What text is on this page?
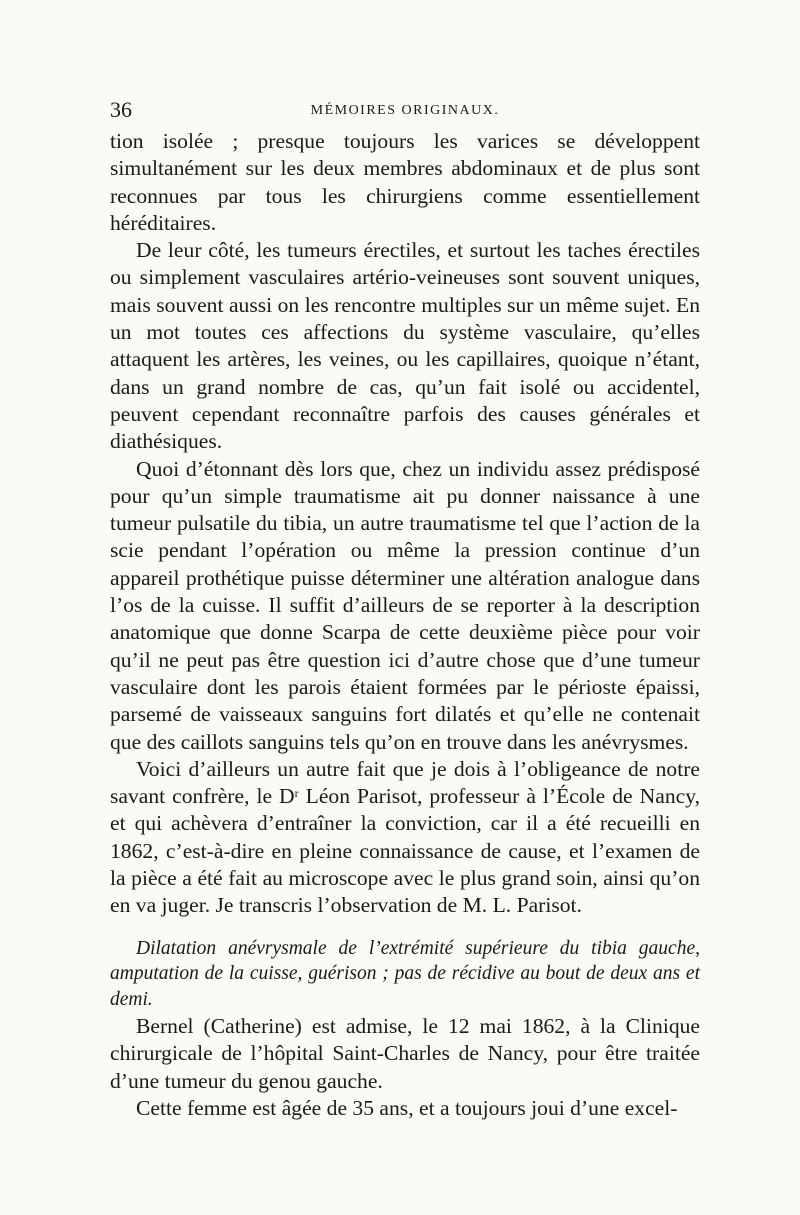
36	MÉMOIRES ORIGINAUX.

tion isolée ; presque toujours les varices se développent simultanément sur les deux membres abdominaux et de plus sont reconnues par tous les chirurgiens comme essentiellement héréditaires.

De leur côté, les tumeurs érectiles, et surtout les taches érectiles ou simplement vasculaires artério-veineuses sont souvent uniques, mais souvent aussi on les rencontre multiples sur un même sujet. En un mot toutes ces affections du système vasculaire, qu’elles attaquent les artères, les veines, ou les capillaires, quoique n’étant, dans un grand nombre de cas, qu’un fait isolé ou accidentel, peuvent cependant reconnaître parfois des causes générales et diathésiques.

Quoi d’étonnant dès lors que, chez un individu assez prédisposé pour qu’un simple traumatisme ait pu donner naissance à une tumeur pulsatile du tibia, un autre traumatisme tel que l’action de la scie pendant l’opération ou même la pression continue d’un appareil prothétique puisse déterminer une altération analogue dans l’os de la cuisse. Il suffit d’ailleurs de se reporter à la description anatomique que donne Scarpa de cette deuxième pièce pour voir qu’il ne peut pas être question ici d’autre chose que d’une tumeur vasculaire dont les parois étaient formées par le périoste épaissi, parsemé de vaisseaux sanguins fort dilatés et qu’elle ne contenait que des caillots sanguins tels qu’on en trouve dans les anévrysmes.

Voici d’ailleurs un autre fait que je dois à l’obligeance de notre savant confrère, le $D^r$ Léon Parisot, professeur à l’École de Nancy, et qui achèvera d’entraîner la conviction, car il a été recueilli en 1862, c’est-à-dire en pleine connaissance de cause, et l’examen de la pièce a été fait au microscope avec le plus grand soin, ainsi qu’on en va juger. Je transcris l’observation de M. L. Parisot.

Dilatation anévrysmale de l’extrémité supérieure du tibia gauche, amputation de la cuisse, guérison ; pas de récidive au bout de deux ans et demi.

Bernel (Catherine) est admise, le 12 mai 1862, à la Clinique chirurgicale de l’hôpital Saint-Charles de Nancy, pour être traitée d’une tumeur du genou gauche.

Cette femme est âgée de 35 ans, et a toujours joui d’une excel-
